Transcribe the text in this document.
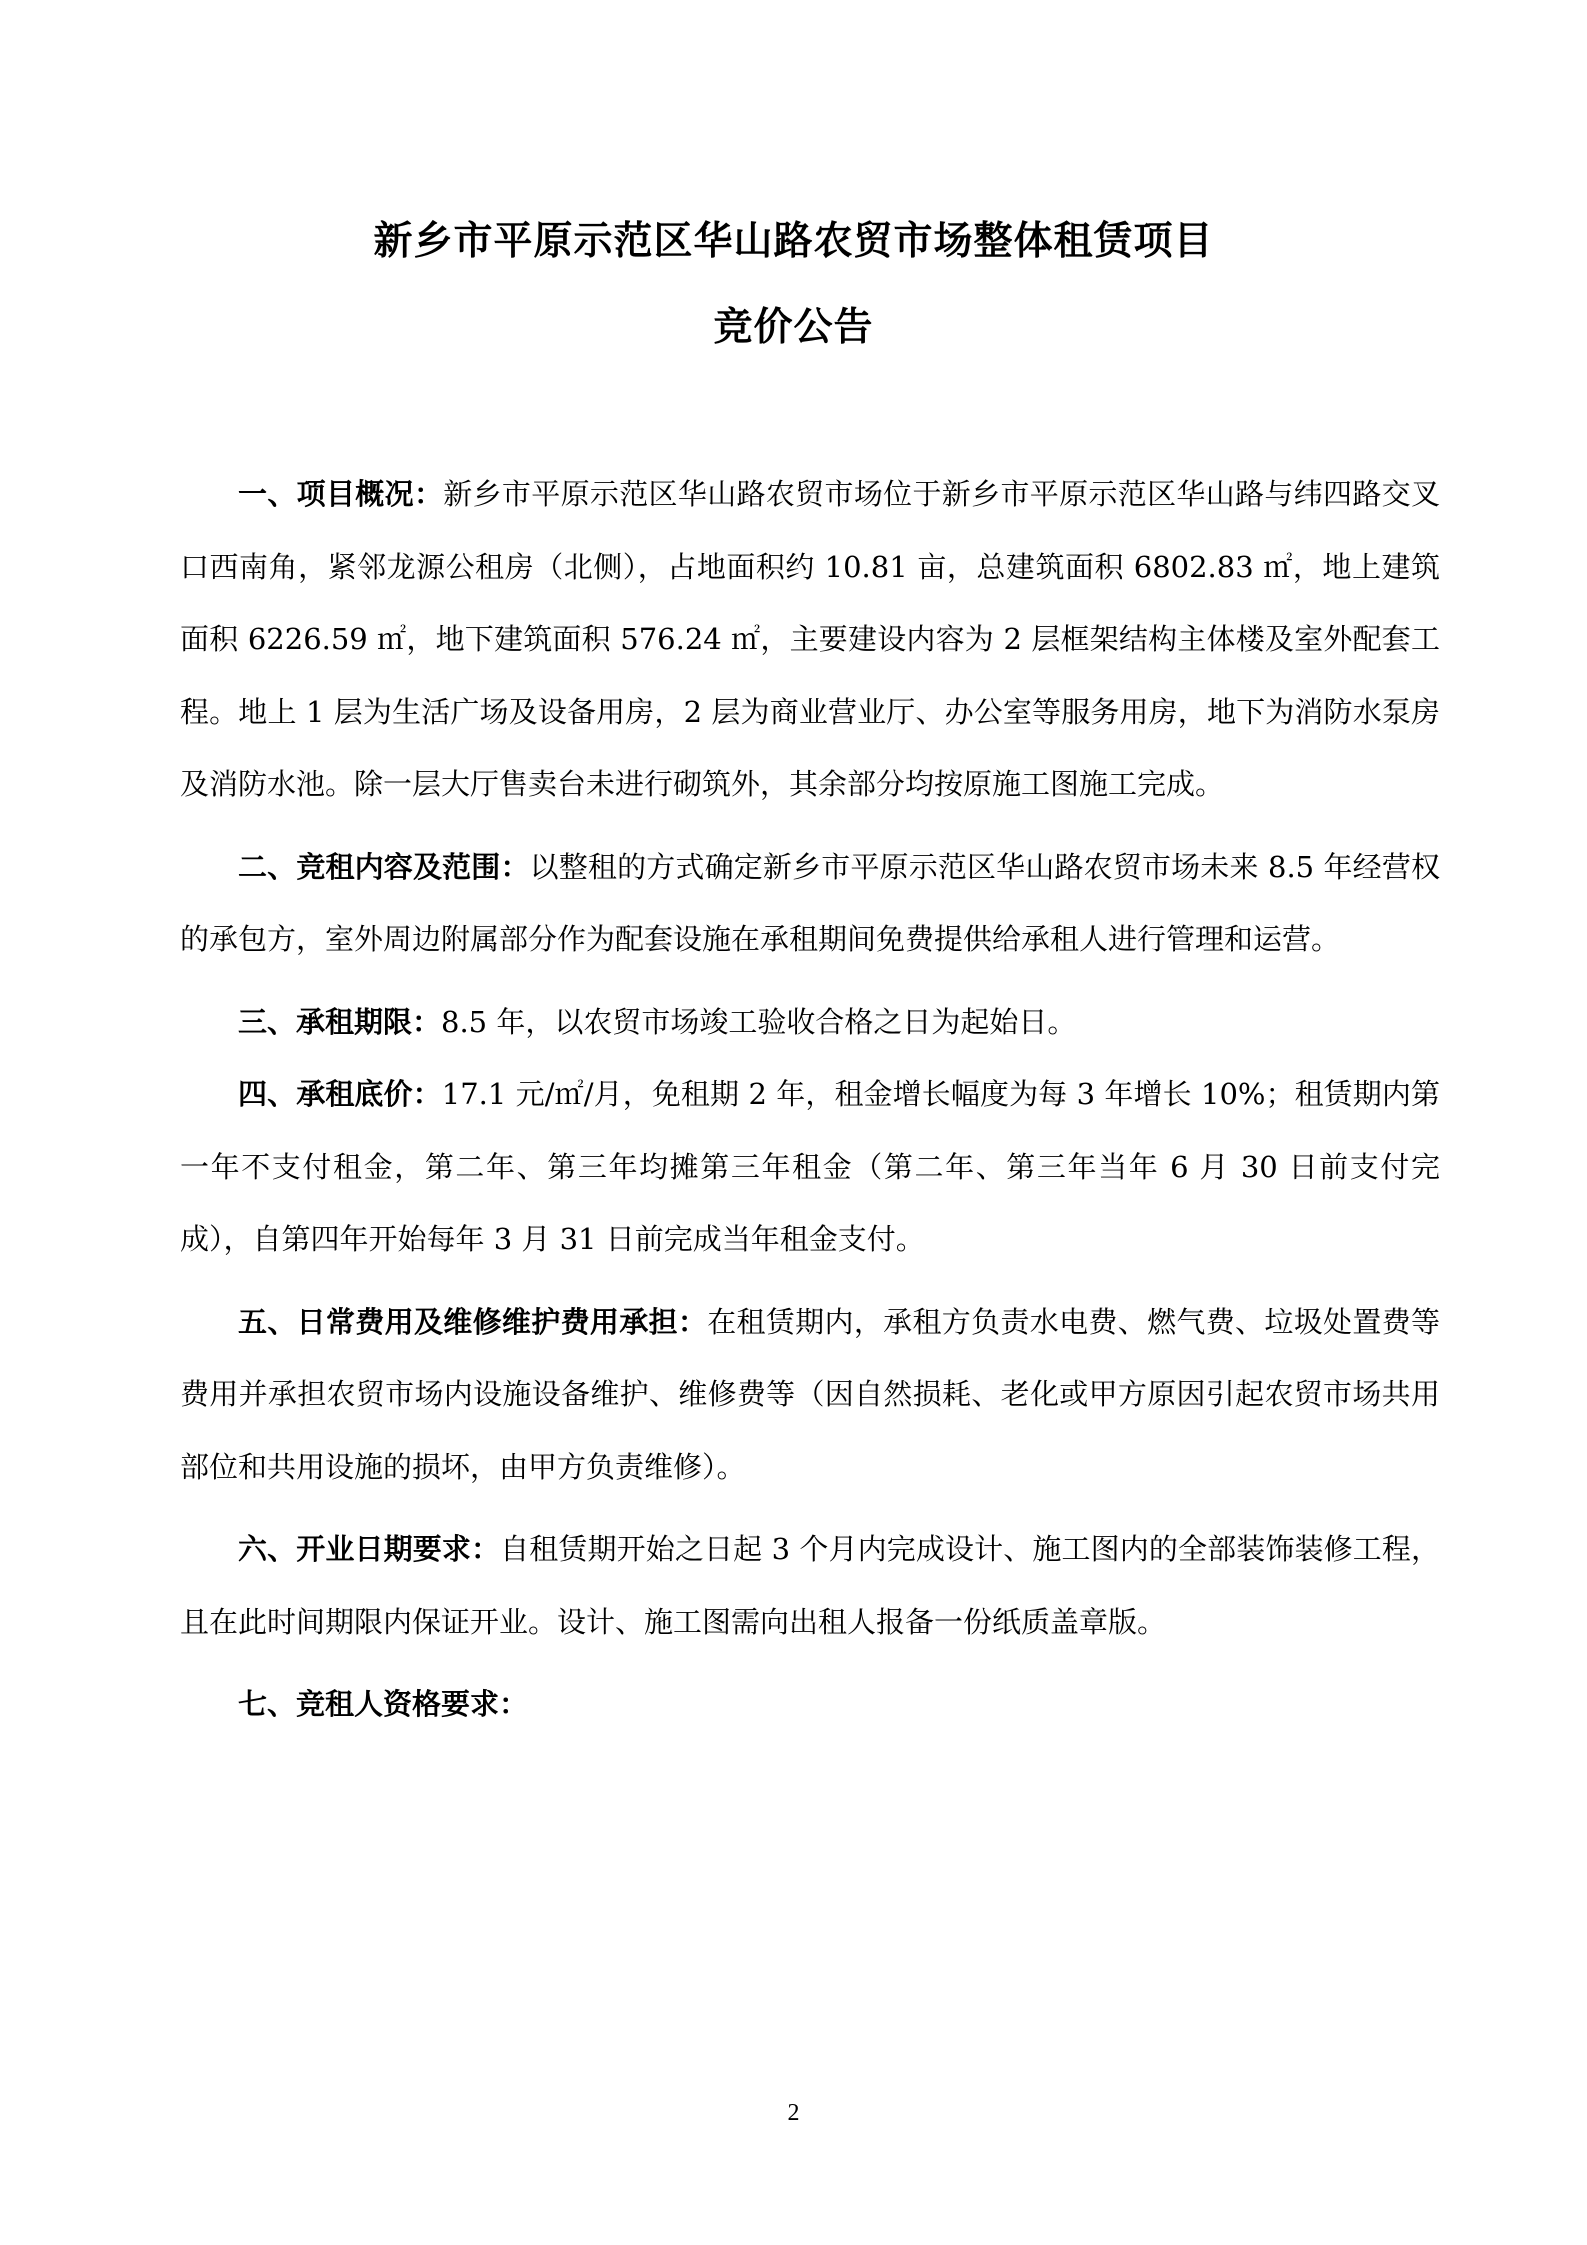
新乡市平原示范区华山路农贸市场整体租赁项目
竞价公告

一、项目概况：新乡市平原示范区华山路农贸市场位于新乡市平原示范区华山路与纬四路交叉口西南角，紧邻龙源公租房（北侧），占地面积约 10.81 亩，总建筑面积 6802.83 ㎡，地上建筑面积 6226.59 ㎡，地下建筑面积 576.24 ㎡，主要建设内容为 2 层框架结构主体楼及室外配套工程。地上 1 层为生活广场及设备用房，2 层为商业营业厅、办公室等服务用房，地下为消防水泵房及消防水池。除一层大厅售卖台未进行砌筑外，其余部分均按原施工图施工完成。

二、竞租内容及范围：以整租的方式确定新乡市平原示范区华山路农贸市场未来 8.5 年经营权的承包方，室外周边附属部分作为配套设施在承租期间免费提供给承租人进行管理和运营。

三、承租期限：8.5 年，以农贸市场竣工验收合格之日为起始日。

四、承租底价：17.1 元/㎡/月，免租期 2 年，租金增长幅度为每 3 年增长 10%；租赁期内第一年不支付租金，第二年、第三年均摊第三年租金（第二年、第三年当年 6 月 30 日前支付完成），自第四年开始每年 3 月 31 日前完成当年租金支付。

五、日常费用及维修维护费用承担：在租赁期内，承租方负责水电费、燃气费、垃圾处置费等费用并承担农贸市场内设施设备维护、维修费等（因自然损耗、老化或甲方原因引起农贸市场共用部位和共用设施的损坏，由甲方负责维修）。

六、开业日期要求：自租赁期开始之日起 3 个月内完成设计、施工图内的全部装饰装修工程，且在此时间期限内保证开业。设计、施工图需向出租人报备一份纸质盖章版。

七、竞租人资格要求：

2
